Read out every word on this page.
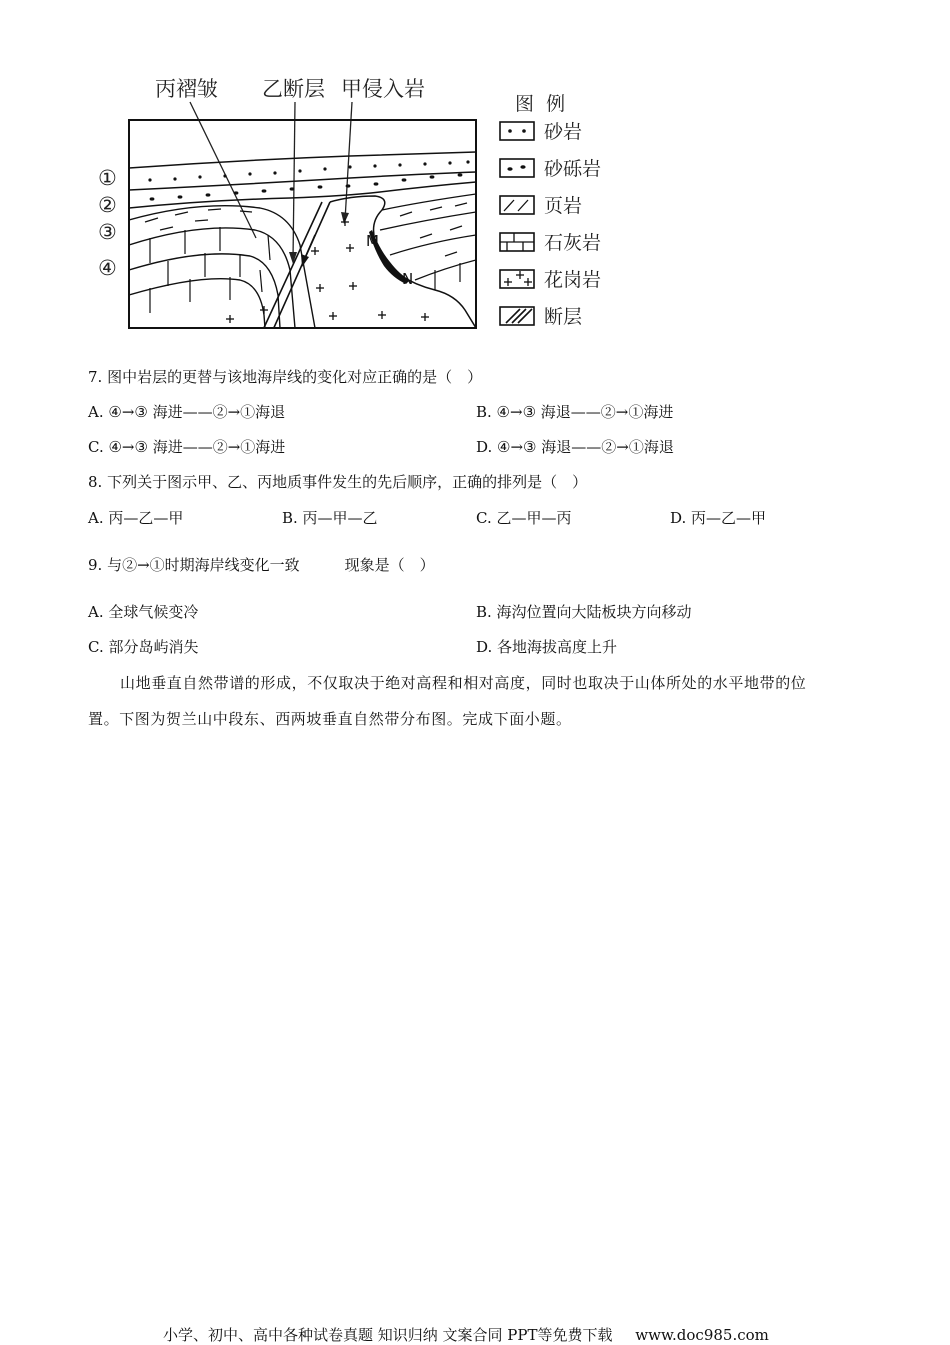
丙褶皱 乙断层 甲侵入岩
M
N
①
②
③
④
图  例
砂岩
砂砾岩
页岩
石灰岩
花岗岩
断层
7. 图中岩层的更替与该地海岸线的变化对应正确的是（　）
A. ④→③ 海进——②→①海退	B. ④→③ 海退——②→①海进
C. ④→③ 海进——②→①海进	D. ④→③ 海退——②→①海退
8. 下列关于图示甲、乙、丙地质事件发生的先后顺序，正确的排列是（　）
A. 丙—乙—甲	B. 丙—甲—乙	C. 乙—甲—丙	D. 丙—乙—甲
9. 与②→①时期海岸线变化一致　　　现象是（　）
A. 全球气候变冷	B. 海沟位置向大陆板块方向移动
C. 部分岛屿消失	D. 各地海拔高度上升
山地垂直自然带谱的形成，不仅取决于绝对高程和相对高度，同时也取决于山体所处的水平地带的位
置。下图为贺兰山中段东、西两坡垂直自然带分布图。完成下面小题。
小学、初中、高中各种试卷真题 知识归纳 文案合同 PPT等免费下载 www.doc985.com
